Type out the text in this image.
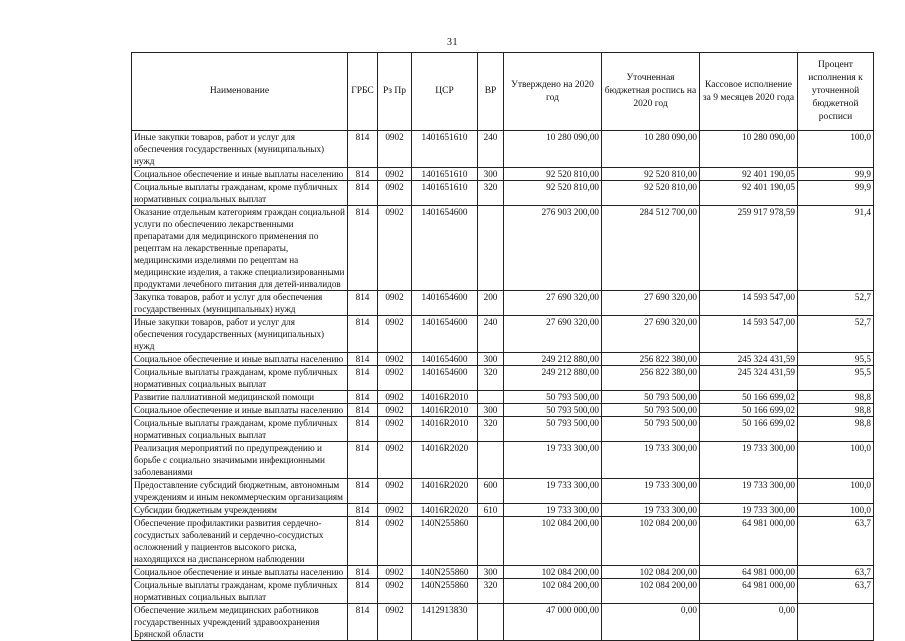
31
Наименование	ГРБС	Рз Пр	ЦСР	ВР	Утверждено на 2020 год	Уточненная бюджетная роспись на 2020 год	Кассовое исполнение за 9 месяцев 2020 года	Процент исполнения к уточненной бюджетной росписи
Иные закупки товаров, работ и услуг для обеспечения государственных (муниципальных) нужд	814	0902	1401651610	240	10 280 090,00	10 280 090,00	10 280 090,00	100,0
Социальное обеспечение и иные выплаты населению	814	0902	1401651610	300	92 520 810,00	92 520 810,00	92 401 190,05	99,9
Социальные выплаты гражданам, кроме публичных нормативных социальных выплат	814	0902	1401651610	320	92 520 810,00	92 520 810,00	92 401 190,05	99,9
Оказание отдельным категориям граждан социальной услуги по обеспечению лекарственными препаратами для медицинского применения по рецептам на лекарственные препараты, медицинскими изделиями по рецептам на медицинские изделия, а также специализированными продуктами лечебного питания для детей-инвалидов	814	0902	1401654600		276 903 200,00	284 512 700,00	259 917 978,59	91,4
Закупка товаров, работ и услуг для обеспечения государственных (муниципальных) нужд	814	0902	1401654600	200	27 690 320,00	27 690 320,00	14 593 547,00	52,7
Иные закупки товаров, работ и услуг для обеспечения государственных (муниципальных) нужд	814	0902	1401654600	240	27 690 320,00	27 690 320,00	14 593 547,00	52,7
Социальное обеспечение и иные выплаты населению	814	0902	1401654600	300	249 212 880,00	256 822 380,00	245 324 431,59	95,5
Социальные выплаты гражданам, кроме публичных нормативных социальных выплат	814	0902	1401654600	320	249 212 880,00	256 822 380,00	245 324 431,59	95,5
Развитие паллиативной медицинской помощи	814	0902	14016R2010		50 793 500,00	50 793 500,00	50 166 699,02	98,8
Социальное обеспечение и иные выплаты населению	814	0902	14016R2010	300	50 793 500,00	50 793 500,00	50 166 699,02	98,8
Социальные выплаты гражданам, кроме публичных нормативных социальных выплат	814	0902	14016R2010	320	50 793 500,00	50 793 500,00	50 166 699,02	98,8
Реализация мероприятий по предупреждению и борьбе с социально значимыми инфекционными заболеваниями	814	0902	14016R2020		19 733 300,00	19 733 300,00	19 733 300,00	100,0
Предоставление субсидий бюджетным, автономным учреждениям и иным некоммерческим организациям	814	0902	14016R2020	600	19 733 300,00	19 733 300,00	19 733 300,00	100,0
Субсидии бюджетным учреждениям	814	0902	14016R2020	610	19 733 300,00	19 733 300,00	19 733 300,00	100,0
Обеспечение профилактики развития сердечно-сосудистых заболеваний и сердечно-сосудистых осложнений у пациентов высокого риска, находящихся на диспансерном наблюдении	814	0902	140N255860		102 084 200,00	102 084 200,00	64 981 000,00	63,7
Социальное обеспечение и иные выплаты населению	814	0902	140N255860	300	102 084 200,00	102 084 200,00	64 981 000,00	63,7
Социальные выплаты гражданам, кроме публичных нормативных социальных выплат	814	0902	140N255860	320	102 084 200,00	102 084 200,00	64 981 000,00	63,7
Обеспечение жильем медицинских работников государственных учреждений здравоохранения Брянской области	814	0902	1412913830		47 000 000,00	0,00	0,00	
